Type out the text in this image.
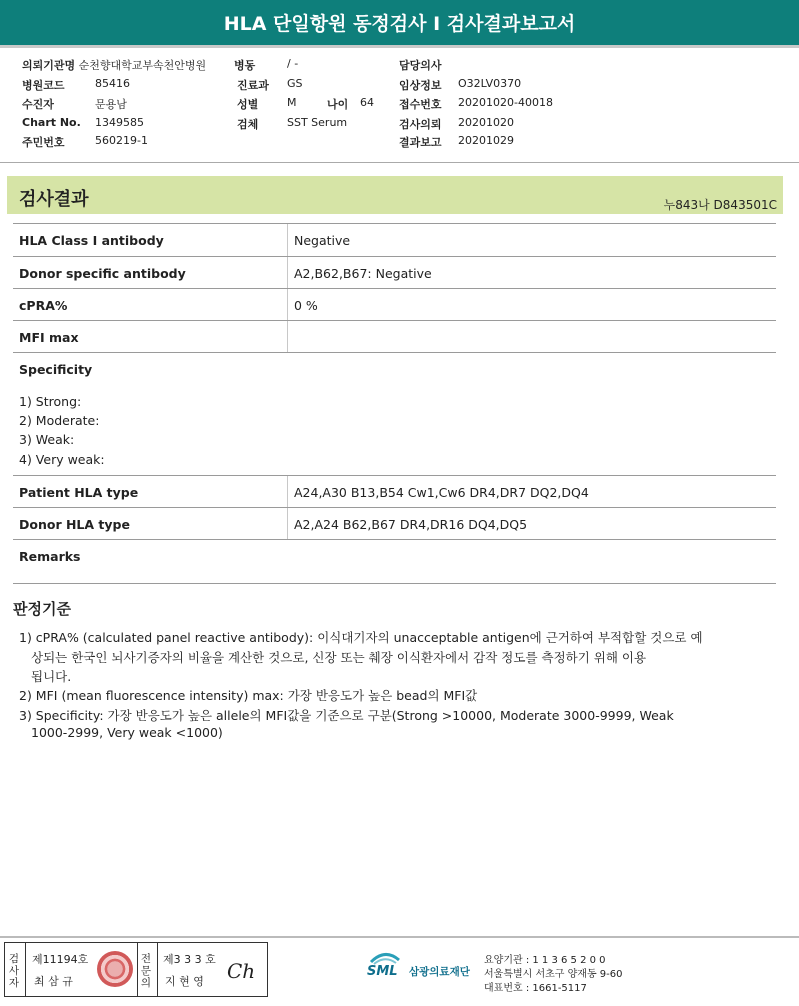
HLA 단일항원 동정검사 I 검사결과보고서
의뢰기관명 순천향대학교부속천안병원	병동	/ -	담당의사
병원코드	85416	진료과 GS	임상정보 O32LV0370
수진자	문용남	성별	M	나이 64 접수번호 20201020-40018
Chart No. 1349585	검체	SST Serum	검사의뢰 20201020
주민번호	560219-1	결과보고 20201029
검사결과	누843나 D843501C
HLA Class Ⅰ antibody	Negative
Donor specific antibody	A2,B62,B67: Negative
cPRA%	0 %
MFI max
Specificity
1) Strong:
2) Moderate:
3) Weak:
4) Very weak:
Patient HLA type	A24,A30 B13,B54 Cw1,Cw6 DR4,DR7 DQ2,DQ4
Donor HLA type	A2,A24 B62,B67 DR4,DR16 DQ4,DQ5
Remarks
판정기준
1) cPRA% (calculated panel reactive antibody): 이식대기자의 unacceptable antigen에 근거하여 부적합할 것으로 예
상되는 한국인 뇌사기증자의 비율을 계산한 것으로, 신장 또는 췌장 이식환자에서 감작 정도를 측정하기 위해 이용
됩니다.
2) MFI (mean fluorescence intensity) max: 가장 반응도가 높은 bead의 MFI값
3) Specificity: 가장 반응도가 높은 allele의 MFI값을 기준으로 구분(Strong >10000, Moderate 3000-9999, Weak
1000-2999, Very weak <1000)
검사자
제11194호
최 삼 규
전문의
제3 3 3 호
지 현 영 Ch	SML 삼광의료재단
요양기관 : 1 1 3 6 5 2 0 0
서울특별시 서초구 양재동 9-60
대표번호 : 1661-5117
